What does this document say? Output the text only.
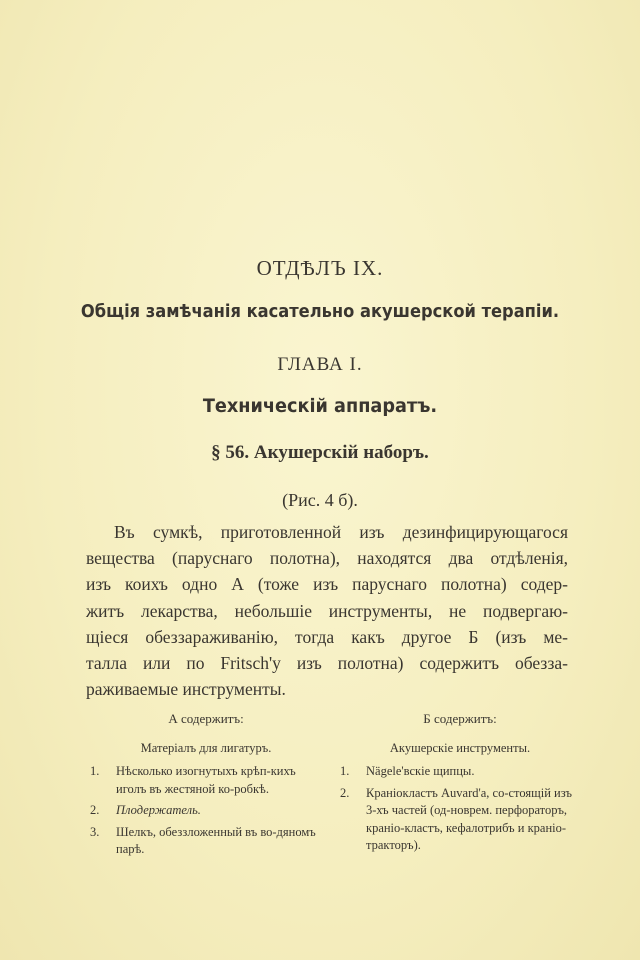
ОТДѢЛЪ IX.
Общія замѣчанія касательно акушерской терапіи.
ГЛАВА I.
Техническій аппаратъ.
§ 56. Акушерскій наборъ.
(Рис. 4 б).
Въ сумкѣ, приготовленной изъ дезинфицирующагося
вещества (паруснаго полотна), находятся два отдѣленія,
изъ коихъ одно А (тоже изъ паруснаго полотна) содер-
житъ лекарства, небольшіе инструменты, не подвергаю-
щіеся обеззараживанію, тогда какъ другое Б (изъ ме-
талла или по Fritsch'у изъ полотна) содержитъ обезза-
раживаемые инструменты.
А содержитъ:
Матеріалъ для лигатуръ.
1. Нѣсколько изогнутыхъ крѣп-кихъ иголъ въ жестяной ко-робкѣ.
2. Плодержатель.
3. Шелкъ, обеззложенный въ во-дяномъ парѣ.
Б содержитъ:
Акушерскіе инструменты.
1. Nägele'вскіе щипцы.
2. Краніокластъ Auvard'а, со-стоящій изъ 3-хъ частей (од-новрем. перфораторъ, краніо-кластъ, кефалотрибъ и краніо-тракторъ).
